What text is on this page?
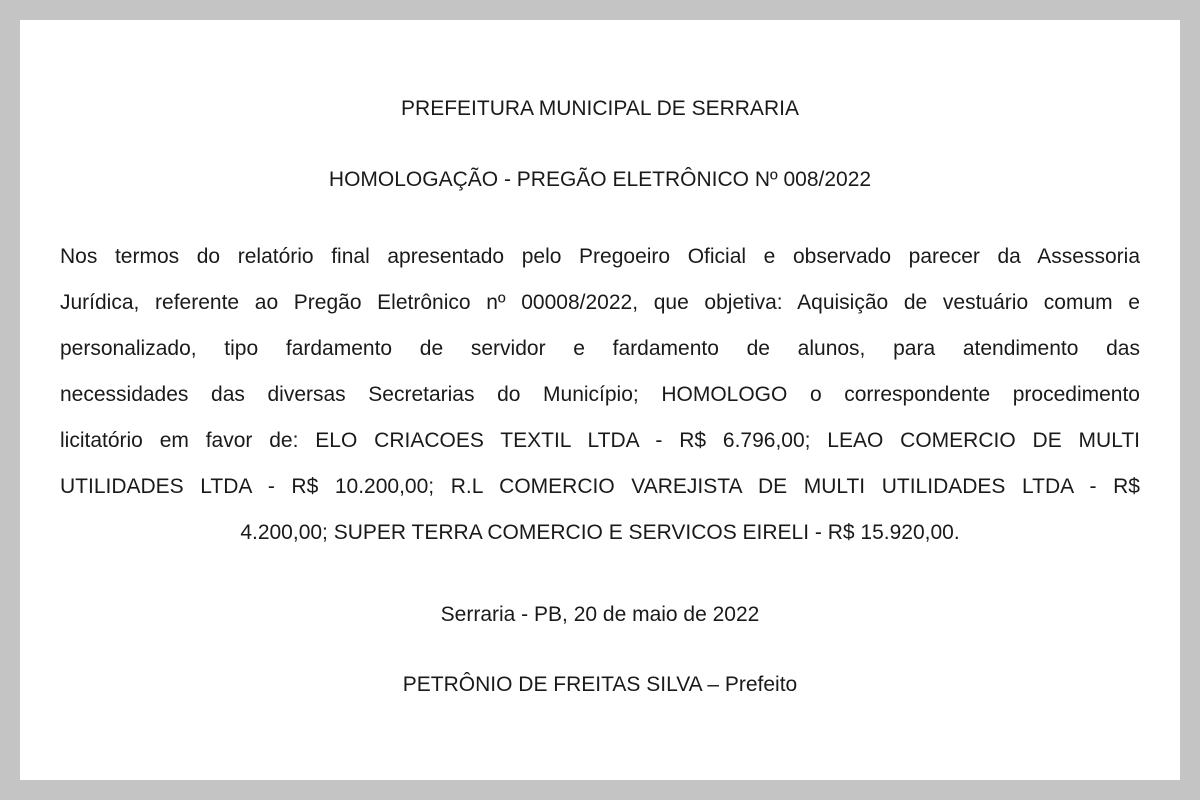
PREFEITURA MUNICIPAL DE SERRARIA
HOMOLOGAÇÃO - PREGÃO ELETRÔNICO Nº 008/2022
Nos termos do relatório final apresentado pelo Pregoeiro Oficial e observado parecer da Assessoria
Jurídica, referente ao Pregão Eletrônico nº 00008/2022, que objetiva: Aquisição de vestuário comum e
personalizado, tipo fardamento de servidor e fardamento de alunos, para atendimento das
necessidades das diversas Secretarias do Município; HOMOLOGO o correspondente procedimento
licitatório em favor de: ELO CRIACOES TEXTIL LTDA - R$ 6.796,00; LEAO COMERCIO DE MULTI
UTILIDADES LTDA - R$ 10.200,00; R.L COMERCIO VAREJISTA DE MULTI UTILIDADES LTDA - R$
4.200,00; SUPER TERRA COMERCIO E SERVICOS EIRELI - R$ 15.920,00.
Serraria - PB, 20 de maio de 2022
PETRÔNIO DE FREITAS SILVA – Prefeito
